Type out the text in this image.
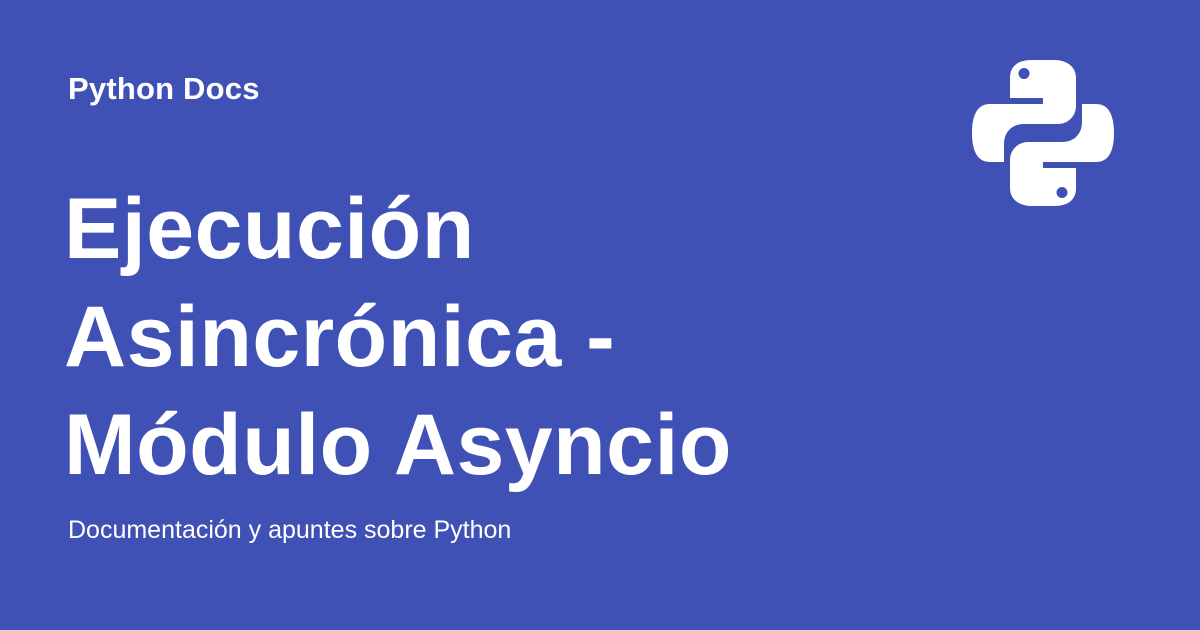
Python Docs
Ejecución
Asincrónica -
Módulo Asyncio
Documentación y apuntes sobre Python
